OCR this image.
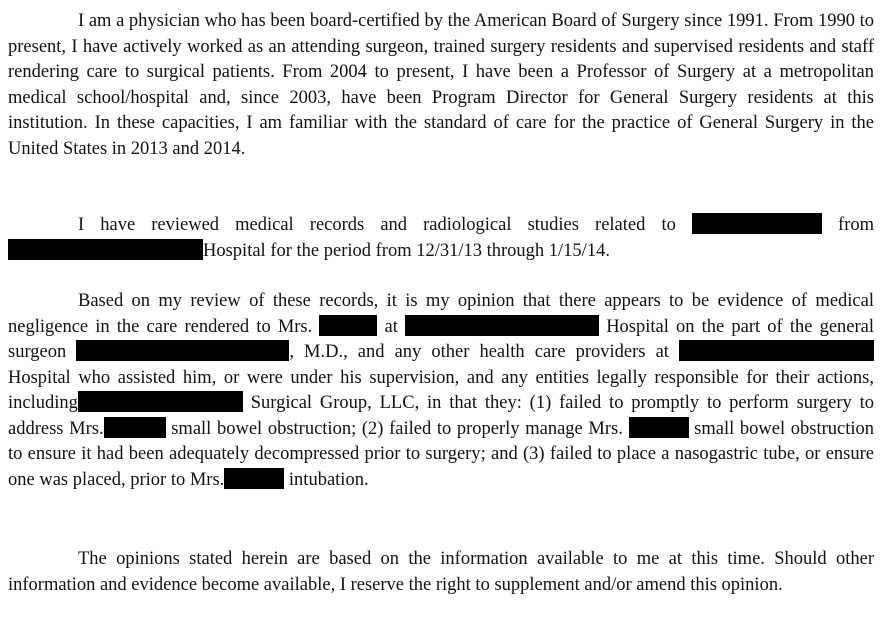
I am a physician who has been board-certified by the American Board of Surgery since 1991. From 1990 to present, I have actively worked as an attending surgeon, trained surgery residents and supervised residents and staff rendering care to surgical patients. From 2004 to present, I have been a Professor of Surgery at a metropolitan medical school/hospital and, since 2003, have been Program Director for General Surgery residents at this institution. In these capacities, I am familiar with the standard of care for the practice of General Surgery in the United States in 2013 and 2014.

I have reviewed medical records and radiological studies related to	from Hospital for the period from 12/31/13 through 1/15/14.

Based on my review of these records, it is my opinion that there appears to be evidence of medical negligence in the care rendered to Mrs.	at	Hospital on the part of the general surgeon	, M.D., and any other health care providers at Hospital who assisted him, or were under his supervision, and any entities legally responsible for their actions, including	Surgical Group, LLC, in that they: (1) failed to promptly to perform surgery to address Mrs.	small bowel obstruction; (2) failed to properly manage Mrs.	small bowel obstruction to ensure it had been adequately decompressed prior to surgery; and (3) failed to place a nasogastric tube, or ensure one was placed, prior to Mrs.	intubation.

The opinions stated herein are based on the information available to me at this time. Should other information and evidence become available, I reserve the right to supplement and/or amend this opinion.
